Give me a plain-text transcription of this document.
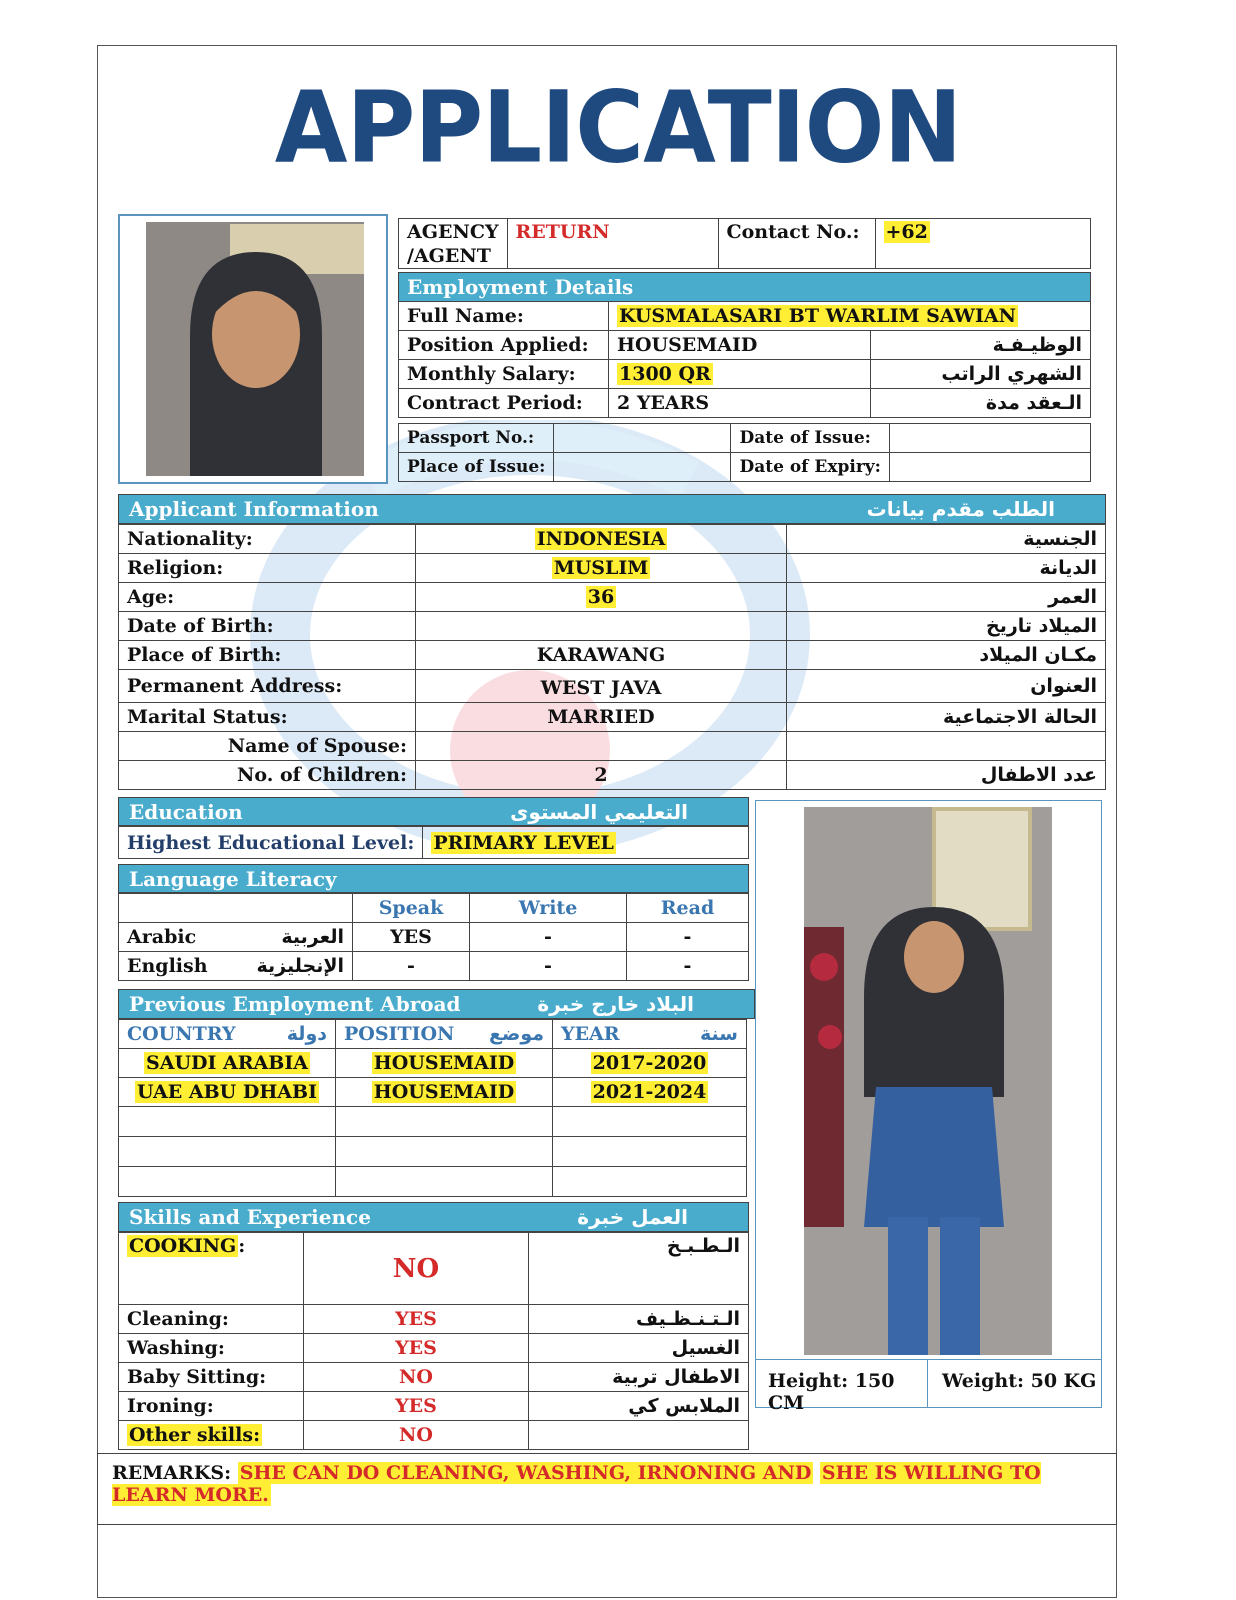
APPLICATION
AGENCY
/AGENT	RETURN	Contact No.:	+62
Employment Details		
Full Name:	KUSMALASARI BT WARLIM SAWIAN	
Position Applied:	HOUSEMAID	الوظيـفـة
Monthly Salary:	1300 QR	الشهري الراتب
Contract Period:	2 YEARS	الـعقد مدة
Passport No.:		Date of Issue:	
Place of Issue:		Date of Expiry:	
Applicant Information	الطلب مقدم بيانات
Nationality:	INDONESIA	الجنسية
Religion:	MUSLIM	الديانة
Age:	36	العمر
Date of Birth:		الميلاد تاريخ
Place of Birth:	KARAWANG	مكـان الميلاد
Permanent Address:	WEST JAVA	العنوان
Marital Status:	MARRIED	الحالة الاجتماعية
Name of Spouse:		
No. of Children:	2	عدد الاطفال
Education	التعليمي المستوى
Highest Educational Level:	PRIMARY LEVEL
Language Literacy
	Speak	Write	Read
Arabic العربية	YES	-	-
English الإنجليزية	-	-	-
Previous Employment Abroad	البلاد خارج خبرة
COUNTRY دولة	POSITION موضع	YEAR سنة

SAUDI ARABIA	HOUSEMAID	2017-2020
UAE ABU DHABI	HOUSEMAID	2021-2024

Skills and Experience	العمل خبرة
COOKING :	NO	الـطـبـخ
Cleaning:	YES	الـتـنـظـيف
Washing:	YES	الغسيل
Baby Sitting:	NO	الاطفال تربية
Ironing:	YES	الملابس كي
Other skills:	NO	
Height: 150 CM
Weight: 50 KG
REMARKS: SHE CAN DO CLEANING, WASHING, IRNONING AND SHE IS WILLING TO LEARN MORE.
